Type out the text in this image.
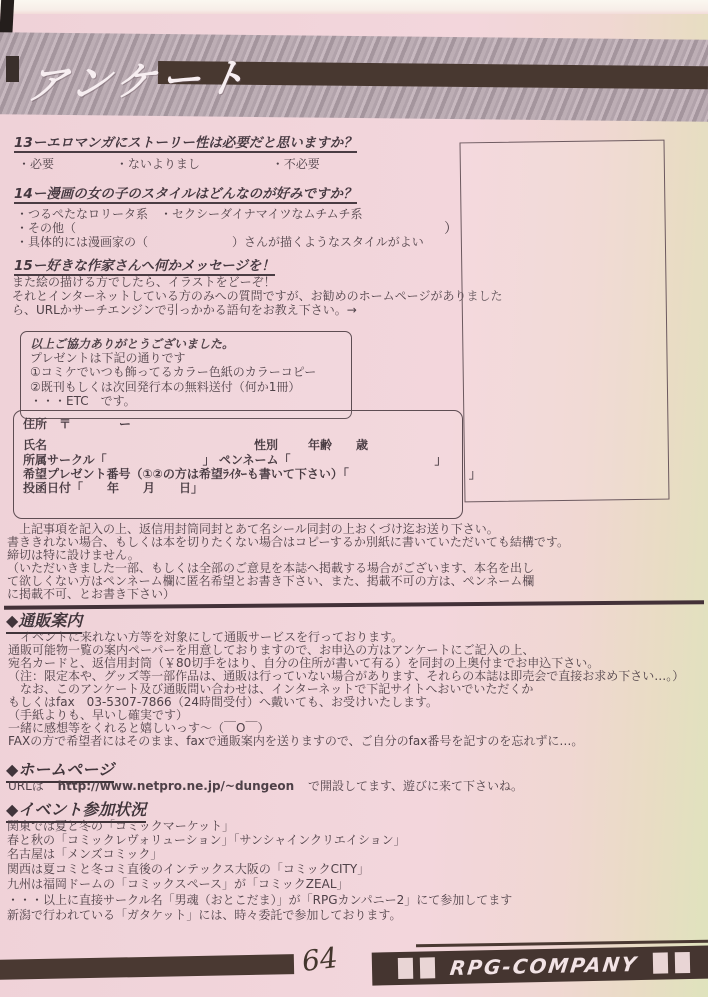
アンケート
13ーエロマンガにストーリー性は必要だと思いますか？
・必要	・ないよりまし	・不必要
14ー漫画の女の子のスタイルはどんなのが好みですか？
・つるぺたなロリータ系　・セクシーダイナマイツなムチムチ系
・その他（
・具体的には漫画家の（　　　　　　　）さんが描くようなスタイルがよい
）
15ー好きな作家さんへ何かメッセージを！
また絵の描ける方でしたら、イラストをどーぞ！
それとインターネットしている方のみへの質問ですが、お勧めのホームページがありました
ら、URLかサーチエンジンで引っかかる語句をお教え下さい。→
以上ご協力ありがとうございました。
プレゼントは下記の通りです
①コミケでいつも飾ってるカラー色紙のカラーコピー
②既刊もしくは次回発行本の無料送付（何か1冊）
・・・ETC　です。
住所　〒　　　　ー
氏名	性別 年齢 歳
所属サークル「　　　　　　　　」 ペンネーム「　　　　　　　　　　　　」
希望プレゼント番号（①②の方は希望ﾗｲﾀｰも書いて下さい）「　　　　　　　　　　」
投函日付「　　年　　月　　日」
　上記事項を記入の上、返信用封筒同封とあて名シール同封の上おくづけ迄お送り下さい。
書ききれない場合、もしくは本を切りたくない場合はコピーするか別紙に書いていただいても結構です。
締切は特に設けません。
（いただいきました一部、もしくは全部のご意見を本誌へ掲載する場合がございます、本名を出し
て欲しくない方はペンネーム欄に匿名希望とお書き下さい、また、掲載不可の方は、ペンネーム欄
に掲載不可、とお書き下さい）
◆通販案内
　イベントに来れない方等を対象にして通販サービスを行っております。
通販可能物一覧の案内ペーパーを用意しておりますので、お申込の方はアンケートにご記入の上、
宛名カードと、返信用封筒（￥80切手をはり、自分の住所が書いて有る）を同封の上奥付までお申込下さい。
（注：限定本や、グッズ等一部作品は、通販は行っていない場合があります、それらの本誌は即売会で直接お求め下さい…。）
　なお、このアンケート及び通販問い合わせは、インターネットで下記サイトへおいでいただくか
もしくはfax　03-5307-7866（24時間受付）へ戴いても、お受けいたします。
（手紙よりも、早いし確実です）
一緒に感想等をくれると嬉しいっす～（￣O￣）
FAXの方で希望者にはそのまま、faxで通販案内を送りますので、ご自分のfax番号を記すのを忘れずに…。
◆ホームページ
URLは http://www.netpro.ne.jp/~dungeon で開設してます、遊びに来て下さいね。
◆イベント参加状況
関東では夏と冬の「コミックマーケット」
春と秋の「コミックレヴォリューション」「サンシャインクリエイション」
名古屋は「メンズコミック」
関西は夏コミと冬コミ直後のインテックス大阪の「コミックCITY」
九州は福岡ドームの「コミックスペース」が「コミックZEAL」
・・・以上に直接サークル名「男魂（おとこだま）」が「RPGカンパニー2」にて参加してます
新潟で行われている「ガタケット」には、時々委託で参加しております。
64	RPG-COMPANY
